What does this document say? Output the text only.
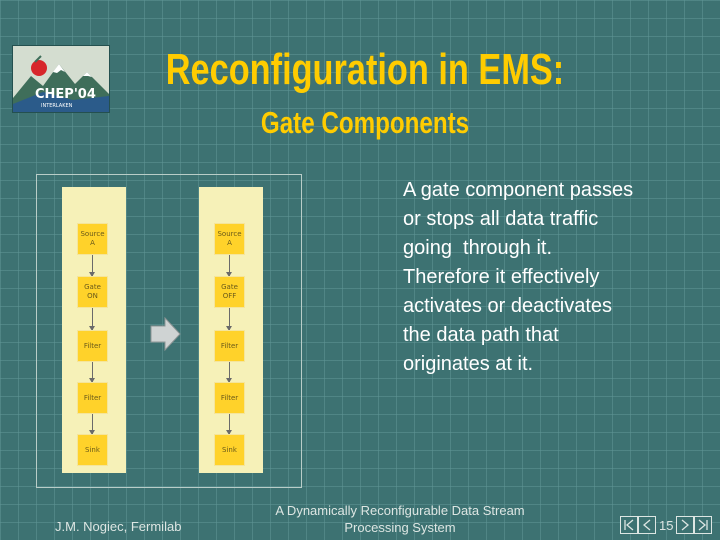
CHEP'04
INTERLAKEN
Reconfiguration in EMS:
Gate Components
Source A
Gate ON
Filter
Filter
Sink
Source A
Gate OFF
Filter
Filter
Sink
A gate component passes
or stops all data traffic
going  through it.
Therefore it effectively
activates or deactivates
the data path that
originates at it.
J.M. Nogiec, Fermilab
A Dynamically Reconfigurable Data Stream
Processing System	15
